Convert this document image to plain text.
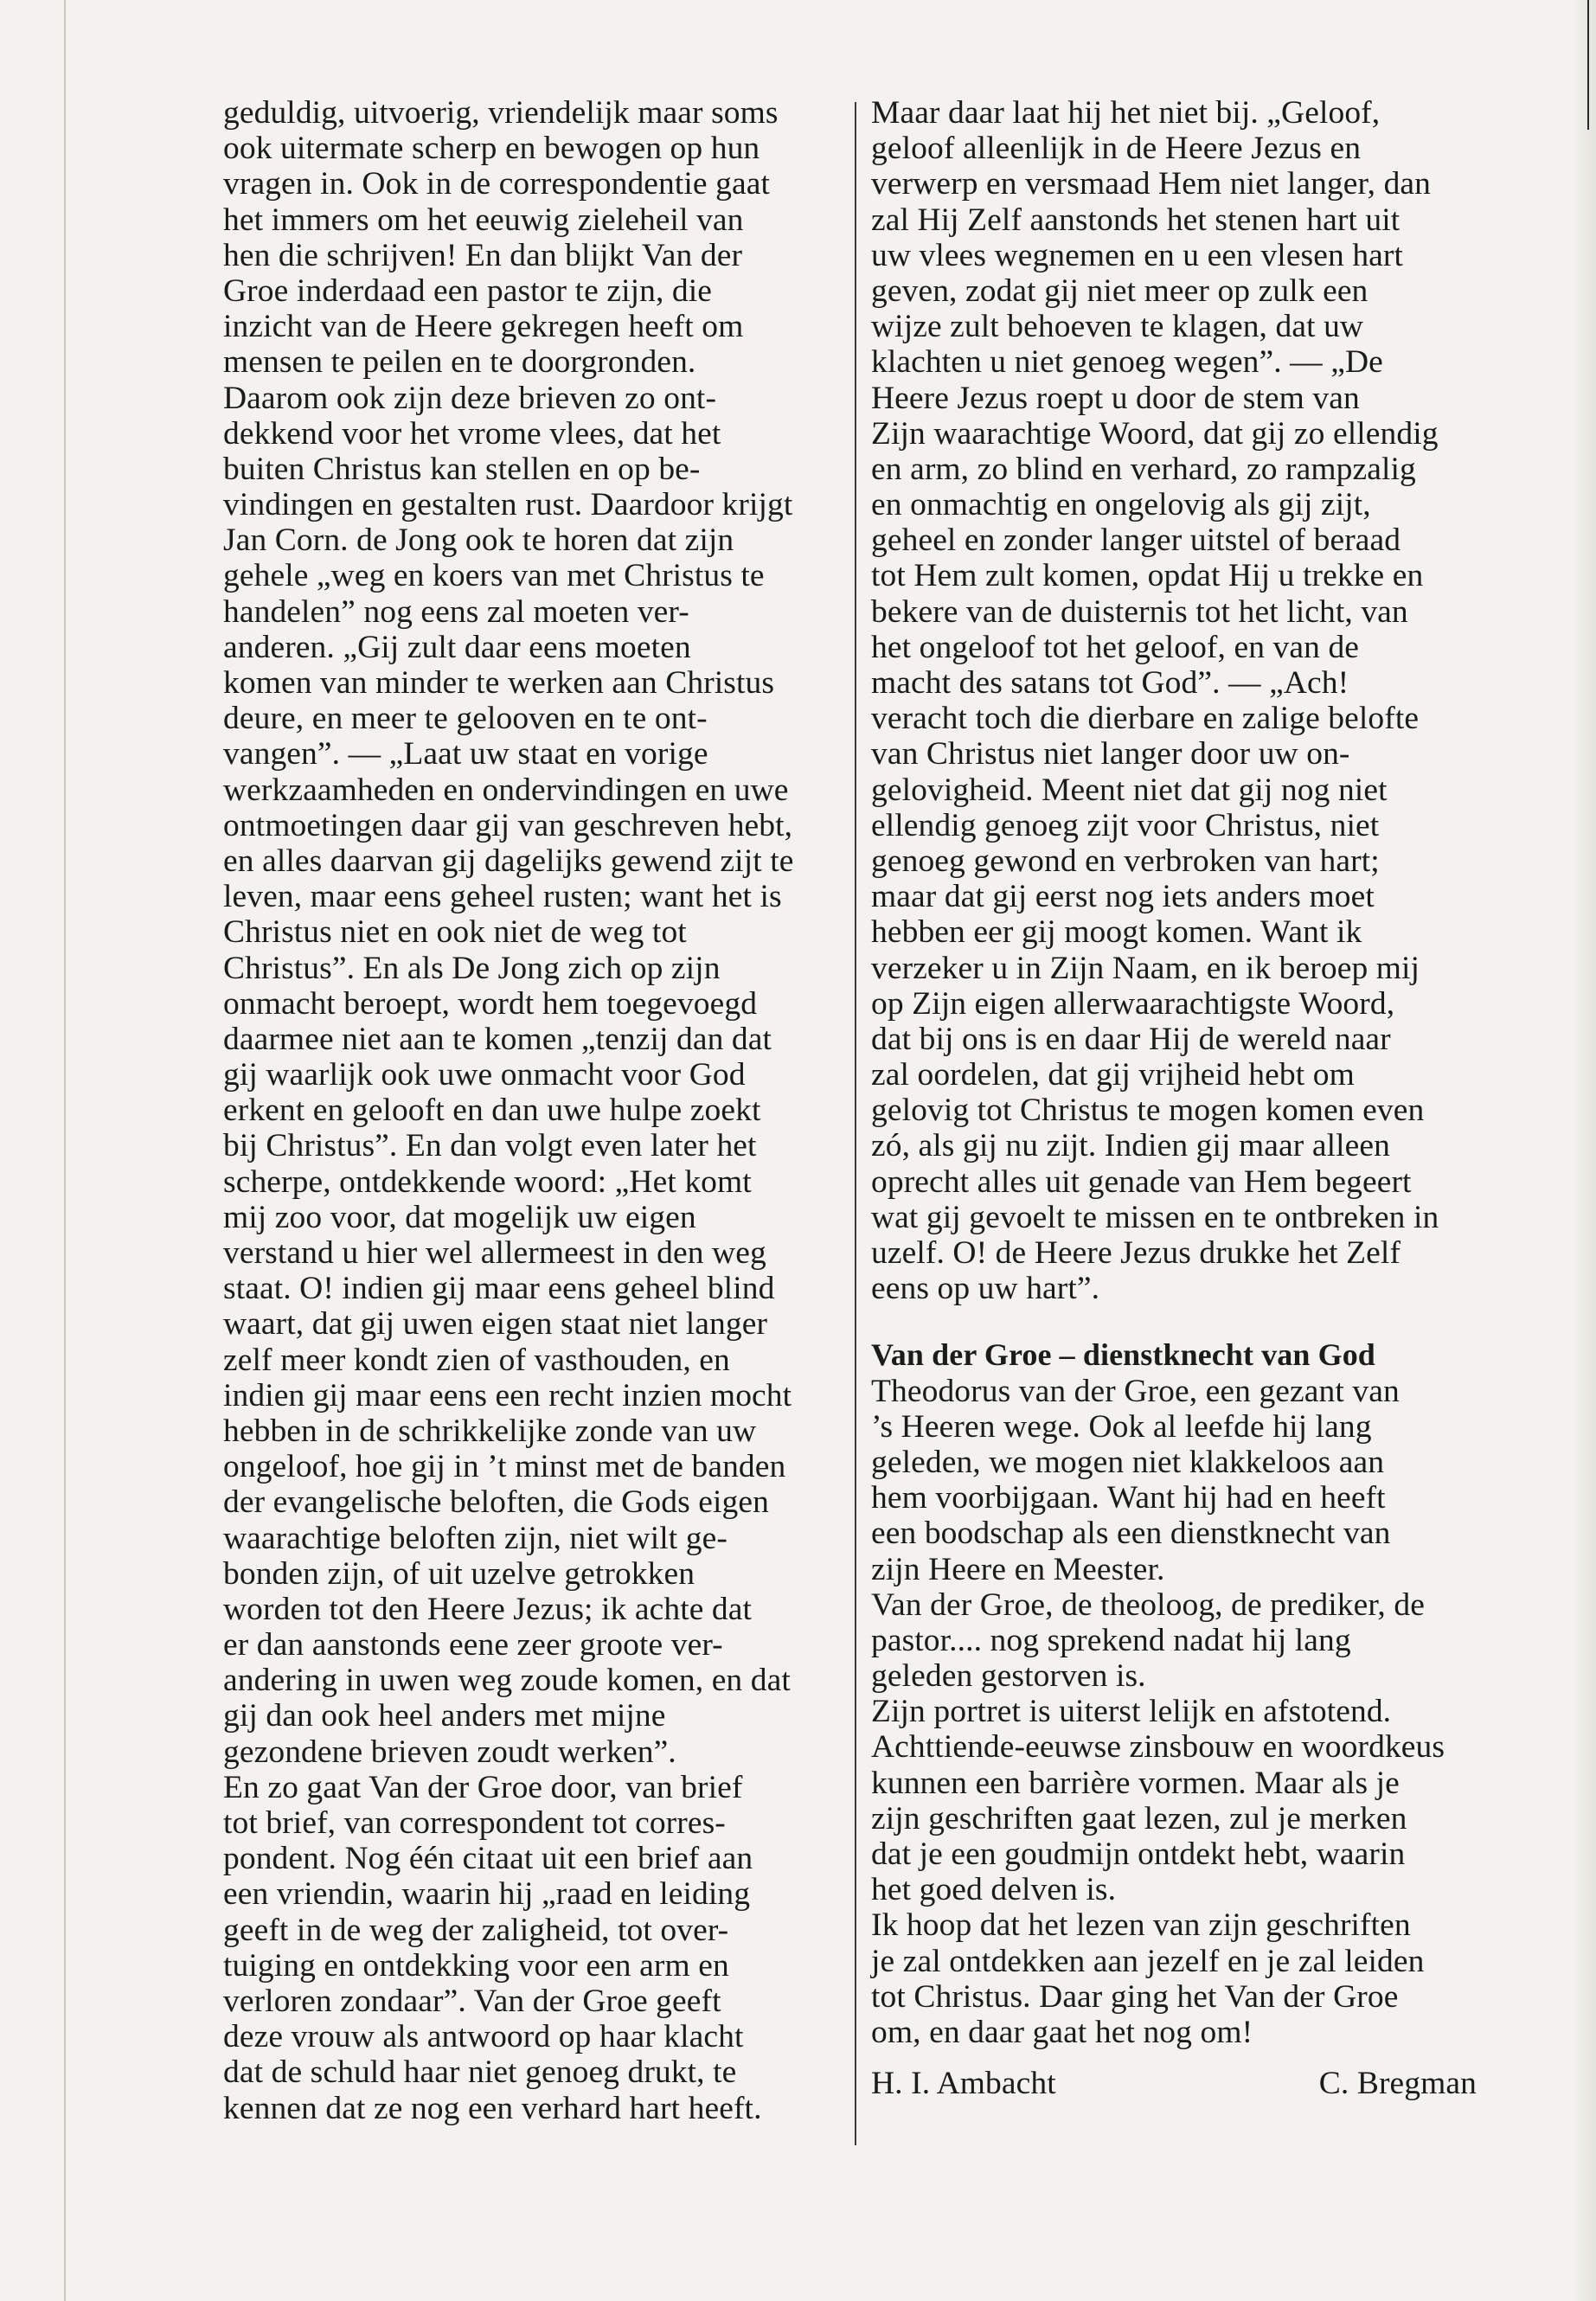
geduldig, uitvoerig, vriendelijk maar soms
ook uitermate scherp en bewogen op hun
vragen in. Ook in de correspondentie gaat
het immers om het eeuwig zieleheil van
hen die schrijven! En dan blijkt Van der
Groe inderdaad een pastor te zijn, die
inzicht van de Heere gekregen heeft om
mensen te peilen en te doorgronden.
Daarom ook zijn deze brieven zo ont-
dekkend voor het vrome vlees, dat het
buiten Christus kan stellen en op be-
vindingen en gestalten rust. Daardoor krijgt
Jan Corn. de Jong ook te horen dat zijn
gehele „weg en koers van met Christus te
handelen” nog eens zal moeten ver-
anderen. „Gij zult daar eens moeten
komen van minder te werken aan Christus
deure, en meer te gelooven en te ont-
vangen”. — „Laat uw staat en vorige
werkzaamheden en ondervindingen en uwe
ontmoetingen daar gij van geschreven hebt,
en alles daarvan gij dagelijks gewend zijt te
leven, maar eens geheel rusten; want het is
Christus niet en ook niet de weg tot
Christus”. En als De Jong zich op zijn
onmacht beroept, wordt hem toegevoegd
daarmee niet aan te komen „tenzij dan dat
gij waarlijk ook uwe onmacht voor God
erkent en gelooft en dan uwe hulpe zoekt
bij Christus”. En dan volgt even later het
scherpe, ontdekkende woord: „Het komt
mij zoo voor, dat mogelijk uw eigen
verstand u hier wel allermeest in den weg
staat. O! indien gij maar eens geheel blind
waart, dat gij uwen eigen staat niet langer
zelf meer kondt zien of vasthouden, en
indien gij maar eens een recht inzien mocht
hebben in de schrikkelijke zonde van uw
ongeloof, hoe gij in ’t minst met de banden
der evangelische beloften, die Gods eigen
waarachtige beloften zijn, niet wilt ge-
bonden zijn, of uit uzelve getrokken
worden tot den Heere Jezus; ik achte dat
er dan aanstonds eene zeer groote ver-
andering in uwen weg zoude komen, en dat
gij dan ook heel anders met mijne
gezondene brieven zoudt werken”.
En zo gaat Van der Groe door, van brief
tot brief, van correspondent tot corres-
pondent. Nog één citaat uit een brief aan
een vriendin, waarin hij „raad en leiding
geeft in de weg der zaligheid, tot over-
tuiging en ontdekking voor een arm en
verloren zondaar”. Van der Groe geeft
deze vrouw als antwoord op haar klacht
dat de schuld haar niet genoeg drukt, te
kennen dat ze nog een verhard hart heeft.
Maar daar laat hij het niet bij. „Geloof,
geloof alleenlijk in de Heere Jezus en
verwerp en versmaad Hem niet langer, dan
zal Hij Zelf aanstonds het stenen hart uit
uw vlees wegnemen en u een vlesen hart
geven, zodat gij niet meer op zulk een
wijze zult behoeven te klagen, dat uw
klachten u niet genoeg wegen”. — „De
Heere Jezus roept u door de stem van
Zijn waarachtige Woord, dat gij zo ellendig
en arm, zo blind en verhard, zo rampzalig
en onmachtig en ongelovig als gij zijt,
geheel en zonder langer uitstel of beraad
tot Hem zult komen, opdat Hij u trekke en
bekere van de duisternis tot het licht, van
het ongeloof tot het geloof, en van de
macht des satans tot God”. — „Ach!
veracht toch die dierbare en zalige belofte
van Christus niet langer door uw on-
gelovigheid. Meent niet dat gij nog niet
ellendig genoeg zijt voor Christus, niet
genoeg gewond en verbroken van hart;
maar dat gij eerst nog iets anders moet
hebben eer gij moogt komen. Want ik
verzeker u in Zijn Naam, en ik beroep mij
op Zijn eigen allerwaarachtigste Woord,
dat bij ons is en daar Hij de wereld naar
zal oordelen, dat gij vrijheid hebt om
gelovig tot Christus te mogen komen even
zó, als gij nu zijt. Indien gij maar alleen
oprecht alles uit genade van Hem begeert
wat gij gevoelt te missen en te ontbreken in
uzelf. O! de Heere Jezus drukke het Zelf
eens op uw hart”.
Van der Groe – dienstknecht van God
Theodorus van der Groe, een gezant van
’s Heeren wege. Ook al leefde hij lang
geleden, we mogen niet klakkeloos aan
hem voorbijgaan. Want hij had en heeft
een boodschap als een dienstknecht van
zijn Heere en Meester.
Van der Groe, de theoloog, de prediker, de
pastor.... nog sprekend nadat hij lang
geleden gestorven is.
Zijn portret is uiterst lelijk en afstotend.
Achttiende-eeuwse zinsbouw en woordkeus
kunnen een barrière vormen. Maar als je
zijn geschriften gaat lezen, zul je merken
dat je een goudmijn ontdekt hebt, waarin
het goed delven is.
Ik hoop dat het lezen van zijn geschriften
je zal ontdekken aan jezelf en je zal leiden
tot Christus. Daar ging het Van der Groe
om, en daar gaat het nog om!
H. I. Ambacht	C. Bregman
